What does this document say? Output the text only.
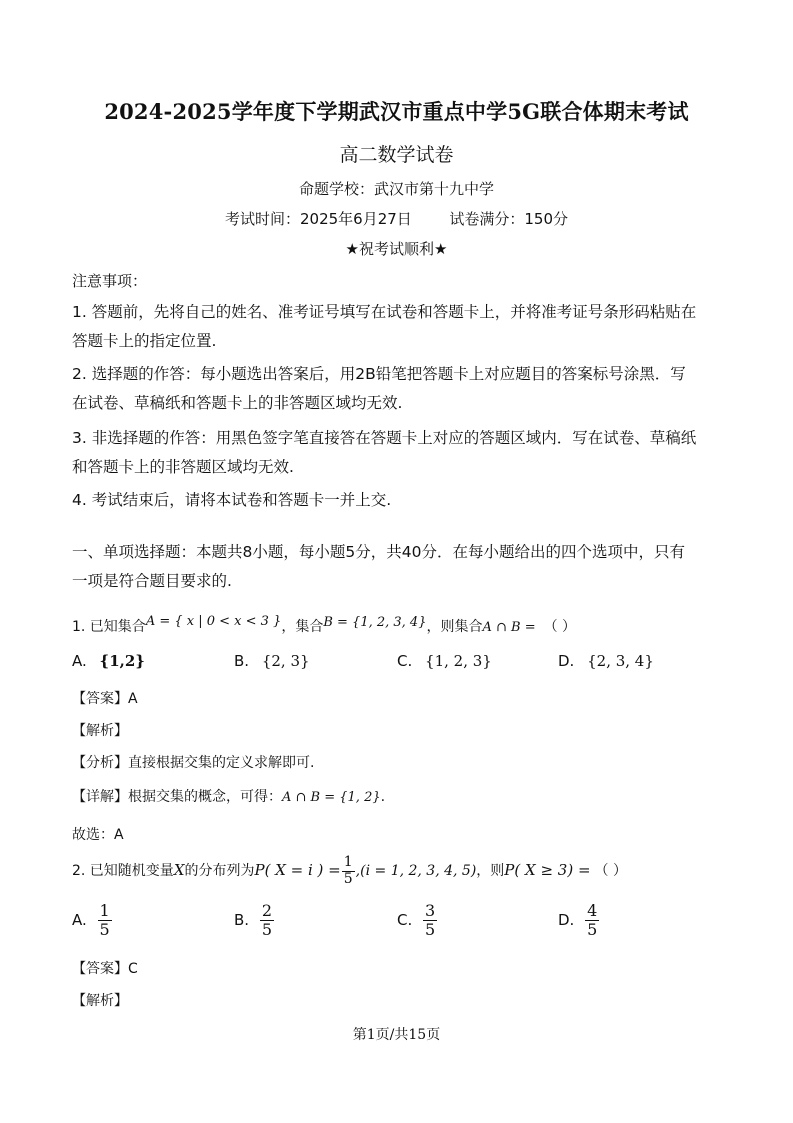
2024-2025学年度下学期武汉市重点中学5G联合体期末考试
高二数学试卷
命题学校：武汉市第十九中学
考试时间：2025年6月27日	试卷满分：150分
★祝考试顺利★
注意事项：
1. 答题前，先将自己的姓名、准考证号填写在试卷和答题卡上，并将准考证号条形码粘贴在
答题卡上的指定位置.
2. 选择题的作答：每小题选出答案后，用2B铅笔把答题卡上对应题目的答案标号涂黑．写
在试卷、草稿纸和答题卡上的非答题区域均无效.
3. 非选择题的作答：用黑色签字笔直接答在答题卡上对应的答题区域内．写在试卷、草稿纸
和答题卡上的非答题区域均无效.
4. 考试结束后，请将本试卷和答题卡一并上交.
一、单项选择题：本题共8小题，每小题5分，共40分．在每小题给出的四个选项中，只有
一项是符合题目要求的.
1. 已知集合A = { x | 0 < x < 3 }，集合B = {1, 2, 3, 4}，则集合A ∩ B = （ ）
A. {1,2}	B. {2, 3}	C. {1, 2, 3}	D. {2, 3, 4}
【答案】A
【解析】
【分析】直接根据交集的定义求解即可.
【详解】根据交集的概念，可得：A ∩ B = {1, 2}.
故选：A
2. 已知随机变量X的分布列为P( X = i ) = $\frac{1}{5} ,(i = 1$, 2, 3, 4, 5)，则P( X ≥ 3) = （ ）
A. $\frac{1}{5}$	B. $\frac{2}{5}$	C. $\frac{3}{5}$	D. $\frac{4}{5}$
【答案】C
【解析】
第1页/共15页
